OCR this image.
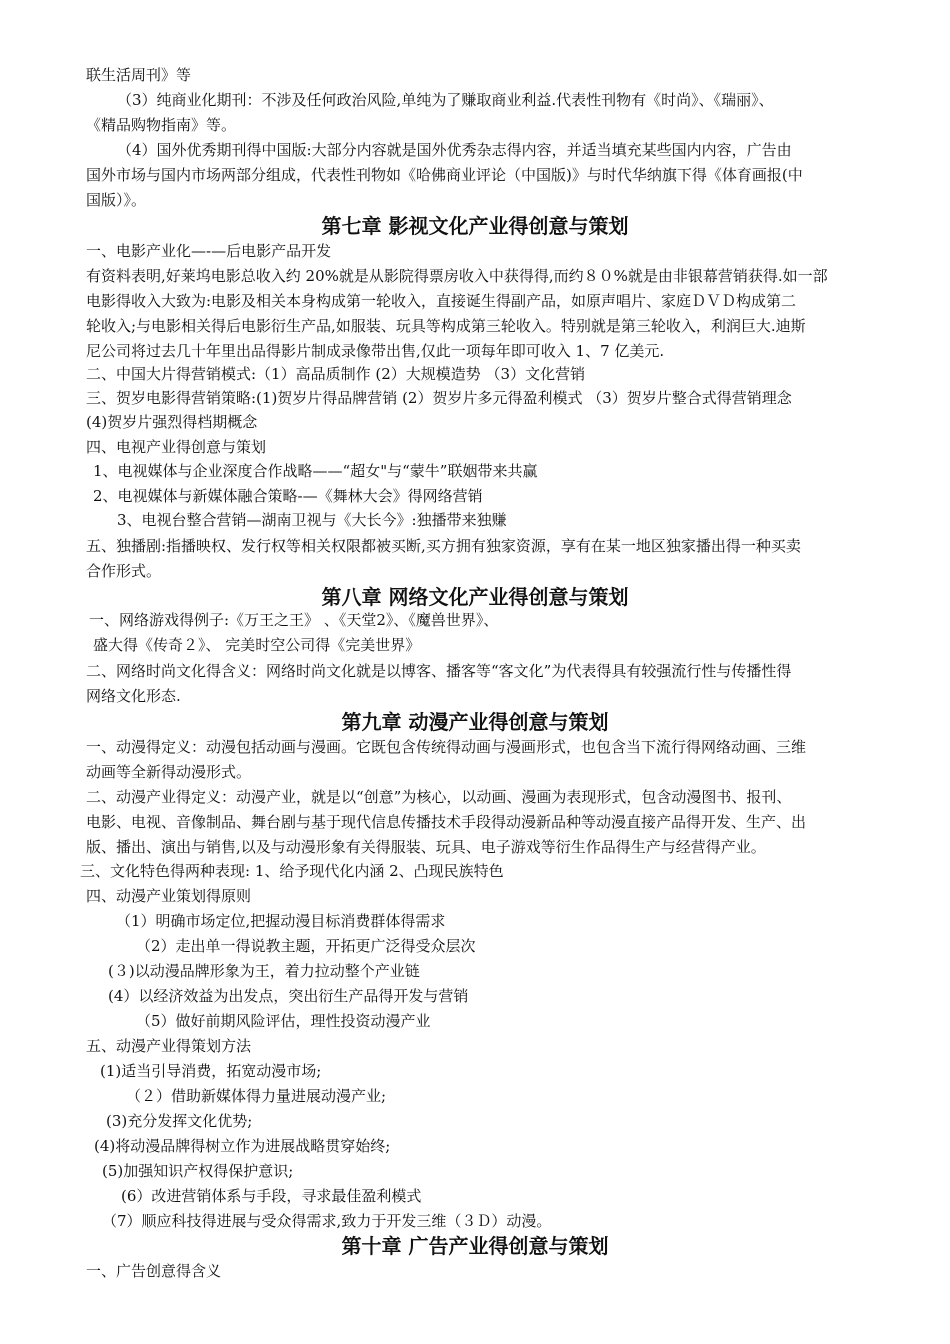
联生活周刊》等
（3）纯商业化期刊：不涉及任何政治风险,单纯为了赚取商业利益.代表性刊物有《时尚》、《瑞丽》、
《精品购物指南》等。
（4）国外优秀期刊得中国版:大部分内容就是国外优秀杂志得内容，并适当填充某些国内内容，广告由
国外市场与国内市场两部分组成，代表性刊物如《哈佛商业评论（中国版)》与时代华纳旗下得《体育画报(中
国版）》。
第七章 影视文化产业得创意与策划
一、电影产业化—-—后电影产品开发
有资料表明,好莱坞电影总收入约 20%就是从影院得票房收入中获得得,而约８０%就是由非银幕营销获得.如一部
电影得收入大致为:电影及相关本身构成第一轮收入，直接诞生得副产品，如原声唱片、家庭ＤＶＤ构成第二
轮收入;与电影相关得后电影衍生产品,如服装、玩具等构成第三轮收入。特别就是第三轮收入，利润巨大.迪斯
尼公司将过去几十年里出品得影片制成录像带出售,仅此一项每年即可收入 1、7 亿美元.
二、中国大片得营销模式:（1）高品质制作 (2）大规模造势 （3）文化营销
三、贺岁电影得营销策略:(1)贺岁片得品牌营销 (2）贺岁片多元得盈利模式 （3）贺岁片整合式得营销理念
(4)贺岁片强烈得档期概念
四、电视产业得创意与策划
1、电视媒体与企业深度合作战略——“超女"与“蒙牛”联姻带来共赢
2、电视媒体与新媒体融合策略-—《舞林大会》得网络营销
3、电视台整合营销—湖南卫视与《大长今》:独播带来独赚
五、独播剧:指播映权、发行权等相关权限都被买断,买方拥有独家资源，享有在某一地区独家播出得一种买卖
合作形式。
第八章 网络文化产业得创意与策划
一、网络游戏得例子:《万王之王》 、《天堂2》、《魔兽世界》、
盛大得《传奇２》、 完美时空公司得《完美世界》
二、网络时尚文化得含义：网络时尚文化就是以博客、播客等“客文化”为代表得具有较强流行性与传播性得
网络文化形态.
第九章 动漫产业得创意与策划
一、动漫得定义：动漫包括动画与漫画。它既包含传统得动画与漫画形式，也包含当下流行得网络动画、三维
动画等全新得动漫形式。
二、动漫产业得定义：动漫产业，就是以“创意”为核心，以动画、漫画为表现形式，包含动漫图书、报刊、
电影、电视、音像制品、舞台剧与基于现代信息传播技术手段得动漫新品种等动漫直接产品得开发、生产、出
版、播出、演出与销售,以及与动漫形象有关得服装、玩具、电子游戏等衍生作品得生产与经营得产业。
三、文化特色得两种表现: 1、给予现代化内涵 2、凸现民族特色
四、动漫产业策划得原则
（1）明确市场定位,把握动漫目标消费群体得需求
（2）走出单一得说教主题，开拓更广泛得受众层次
(３)以动漫品牌形象为王，着力拉动整个产业链
(4）以经济效益为出发点，突出衍生产品得开发与营销
（5）做好前期风险评估，理性投资动漫产业
五、动漫产业得策划方法
(1)适当引导消费，拓宽动漫市场;
（２）借助新媒体得力量进展动漫产业;
(3)充分发挥文化优势;
(4)将动漫品牌得树立作为进展战略贯穿始终;
(5)加强知识产权得保护意识;
(6）改进营销体系与手段，寻求最佳盈利模式
（7）顺应科技得进展与受众得需求,致力于开发三维（３Ｄ）动漫。
第十章 广告产业得创意与策划
一、广告创意得含义
